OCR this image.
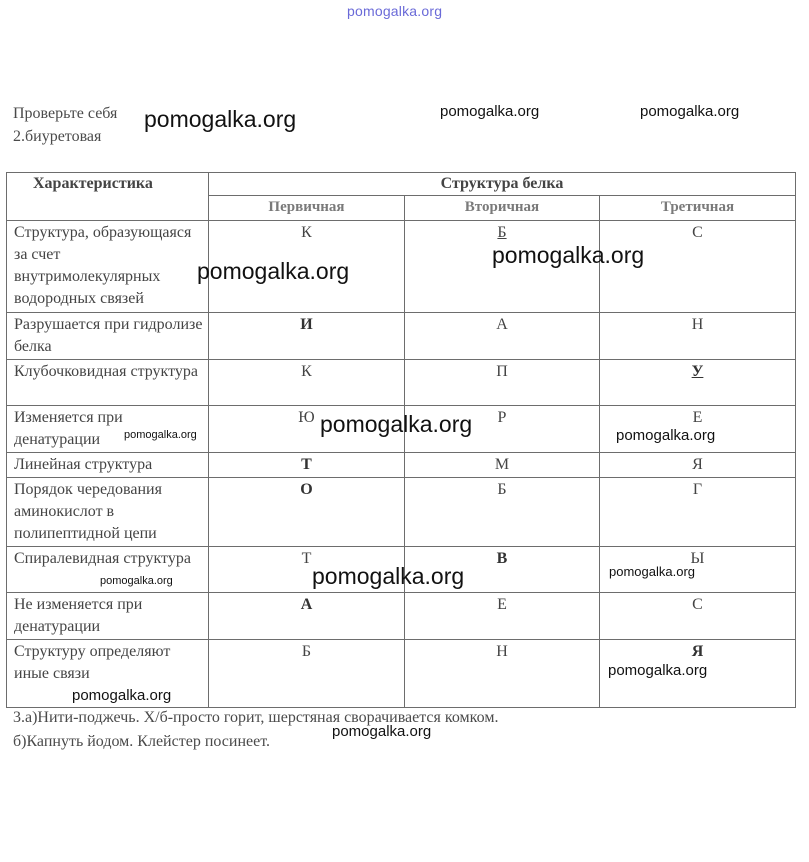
pomogalka.org
Проверьте себя
2.биуретовая
Характеристика	Структура белка		
	Первичная	Вторичная	Третичная
Структура, образующаяся за счет внутримолекулярных водородных связей	К	Б	С
Разрушается при гидролизе белка	И	А	Н
Клубочковидная структура	К	П	У
Изменяется при денатурации	Ю	Р	Е
Линейная структура	Т	М	Я
Порядок чередования аминокислот в полипептидной цепи	О	Б	Г
Спиралевидная структура	Т	В	Ы
Не изменяется при денатурации	А	Е	С
Структуру определяют иные связи	Б	Н	Я
3.а)Нити-поджечь. Х/б-просто горит, шерстяная сворачивается комком.
б)Капнуть йодом. Клейстер посинеет.
pomogalka.org	pomogalka.org	pomogalka.org
pomogalka.org
pomogalka.org
pomogalka.org
pomogalka.org	pomogalka.org
pomogalka.org	pomogalka.org
pomogalka.org
pomogalka.org
pomogalka.org
pomogalka.org
